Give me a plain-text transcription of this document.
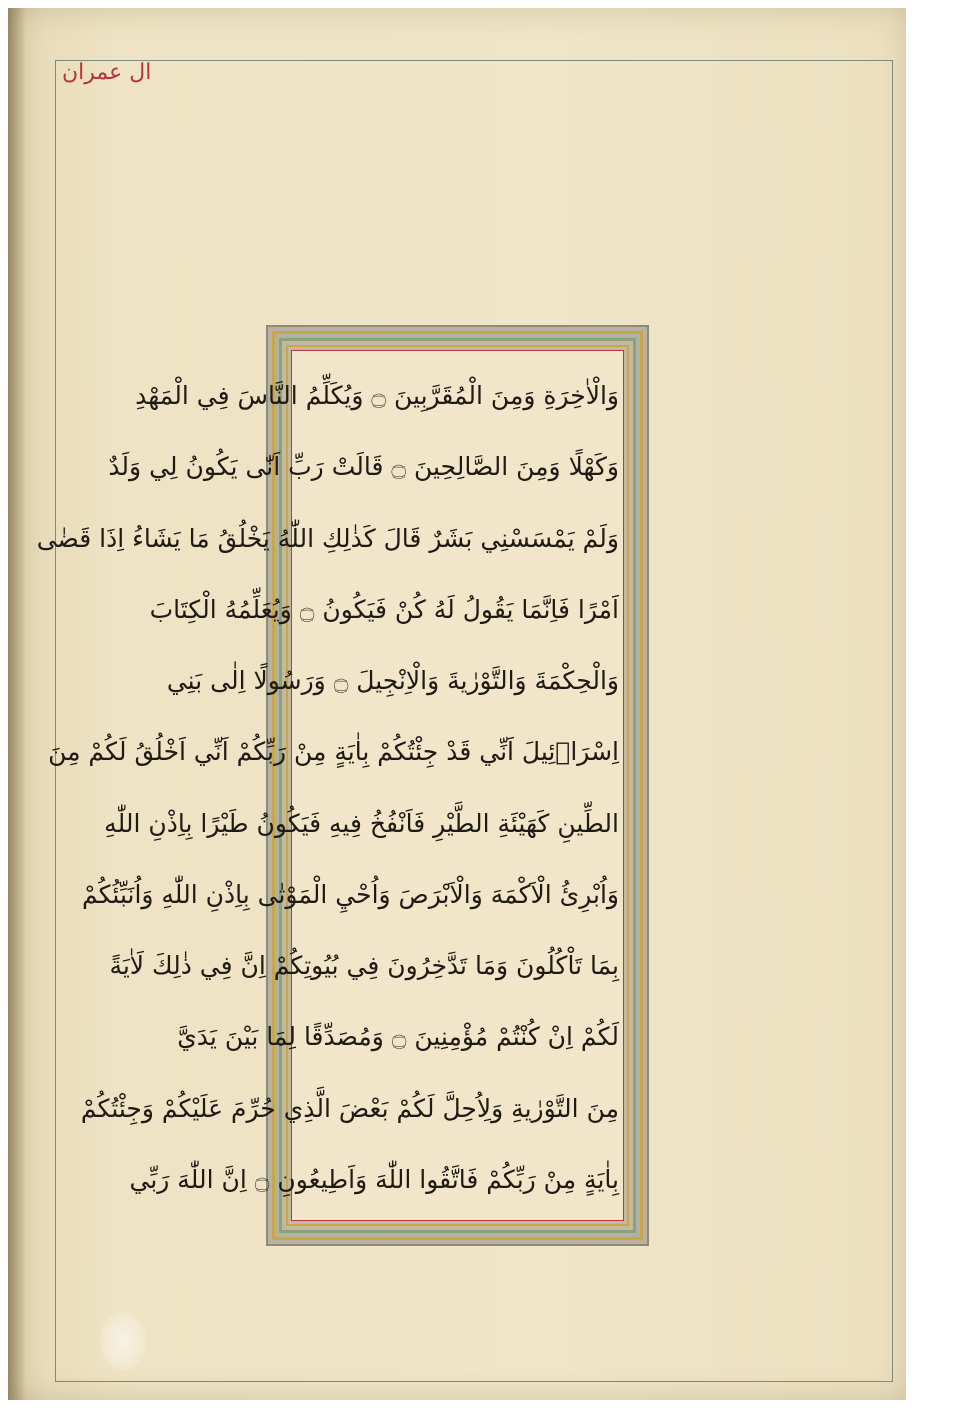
ال عمران
وَالْاٰخِرَةِ وَمِنَ الْمُقَرَّبِينَ ۝ وَيُكَلِّمُ النَّاسَ فِي الْمَهْدِ
وَكَهْلًا وَمِنَ الصَّالِحِينَ ۝ قَالَتْ رَبِّ اَنّٰى يَكُونُ لِي وَلَدٌ
وَلَمْ يَمْسَسْنِي بَشَرٌ قَالَ كَذٰلِكِ اللّٰهُ يَخْلُقُ مَا يَشَاءُ اِذَا قَضٰى
اَمْرًا فَاِنَّمَا يَقُولُ لَهُ كُنْ فَيَكُونُ ۝ وَيُعَلِّمُهُ الْكِتَابَ
وَالْحِكْمَةَ وَالتَّوْرٰيةَ وَالْاِنْجِيلَ ۝ وَرَسُولًا اِلٰى بَنِي
اِسْرَاۤئِيلَ اَنِّي قَدْ جِئْتُكُمْ بِاٰيَةٍ مِنْ رَبِّكُمْ اَنِّي اَخْلُقُ لَكُمْ مِنَ
الطِّينِ كَهَيْئَةِ الطَّيْرِ فَاَنْفُخُ فِيهِ فَيَكُونُ طَيْرًا بِاِذْنِ اللّٰهِ
وَاُبْرِئُ الْاَكْمَهَ وَالْاَبْرَصَ وَاُحْيِ الْمَوْتٰى بِاِذْنِ اللّٰهِ وَاُنَبِّئُكُمْ
بِمَا تَاْكُلُونَ وَمَا تَدَّخِرُونَ فِي بُيُوتِكُمْ اِنَّ فِي ذٰلِكَ لَاٰيَةً
لَكُمْ اِنْ كُنْتُمْ مُؤْمِنِينَ ۝ وَمُصَدِّقًا لِمَا بَيْنَ يَدَيَّ
مِنَ التَّوْرٰيةِ وَلِاُحِلَّ لَكُمْ بَعْضَ الَّذِي حُرِّمَ عَلَيْكُمْ وَجِئْتُكُمْ
بِاٰيَةٍ مِنْ رَبِّكُمْ فَاتَّقُوا اللّٰهَ وَاَطِيعُونِ ۝ اِنَّ اللّٰهَ رَبِّي
